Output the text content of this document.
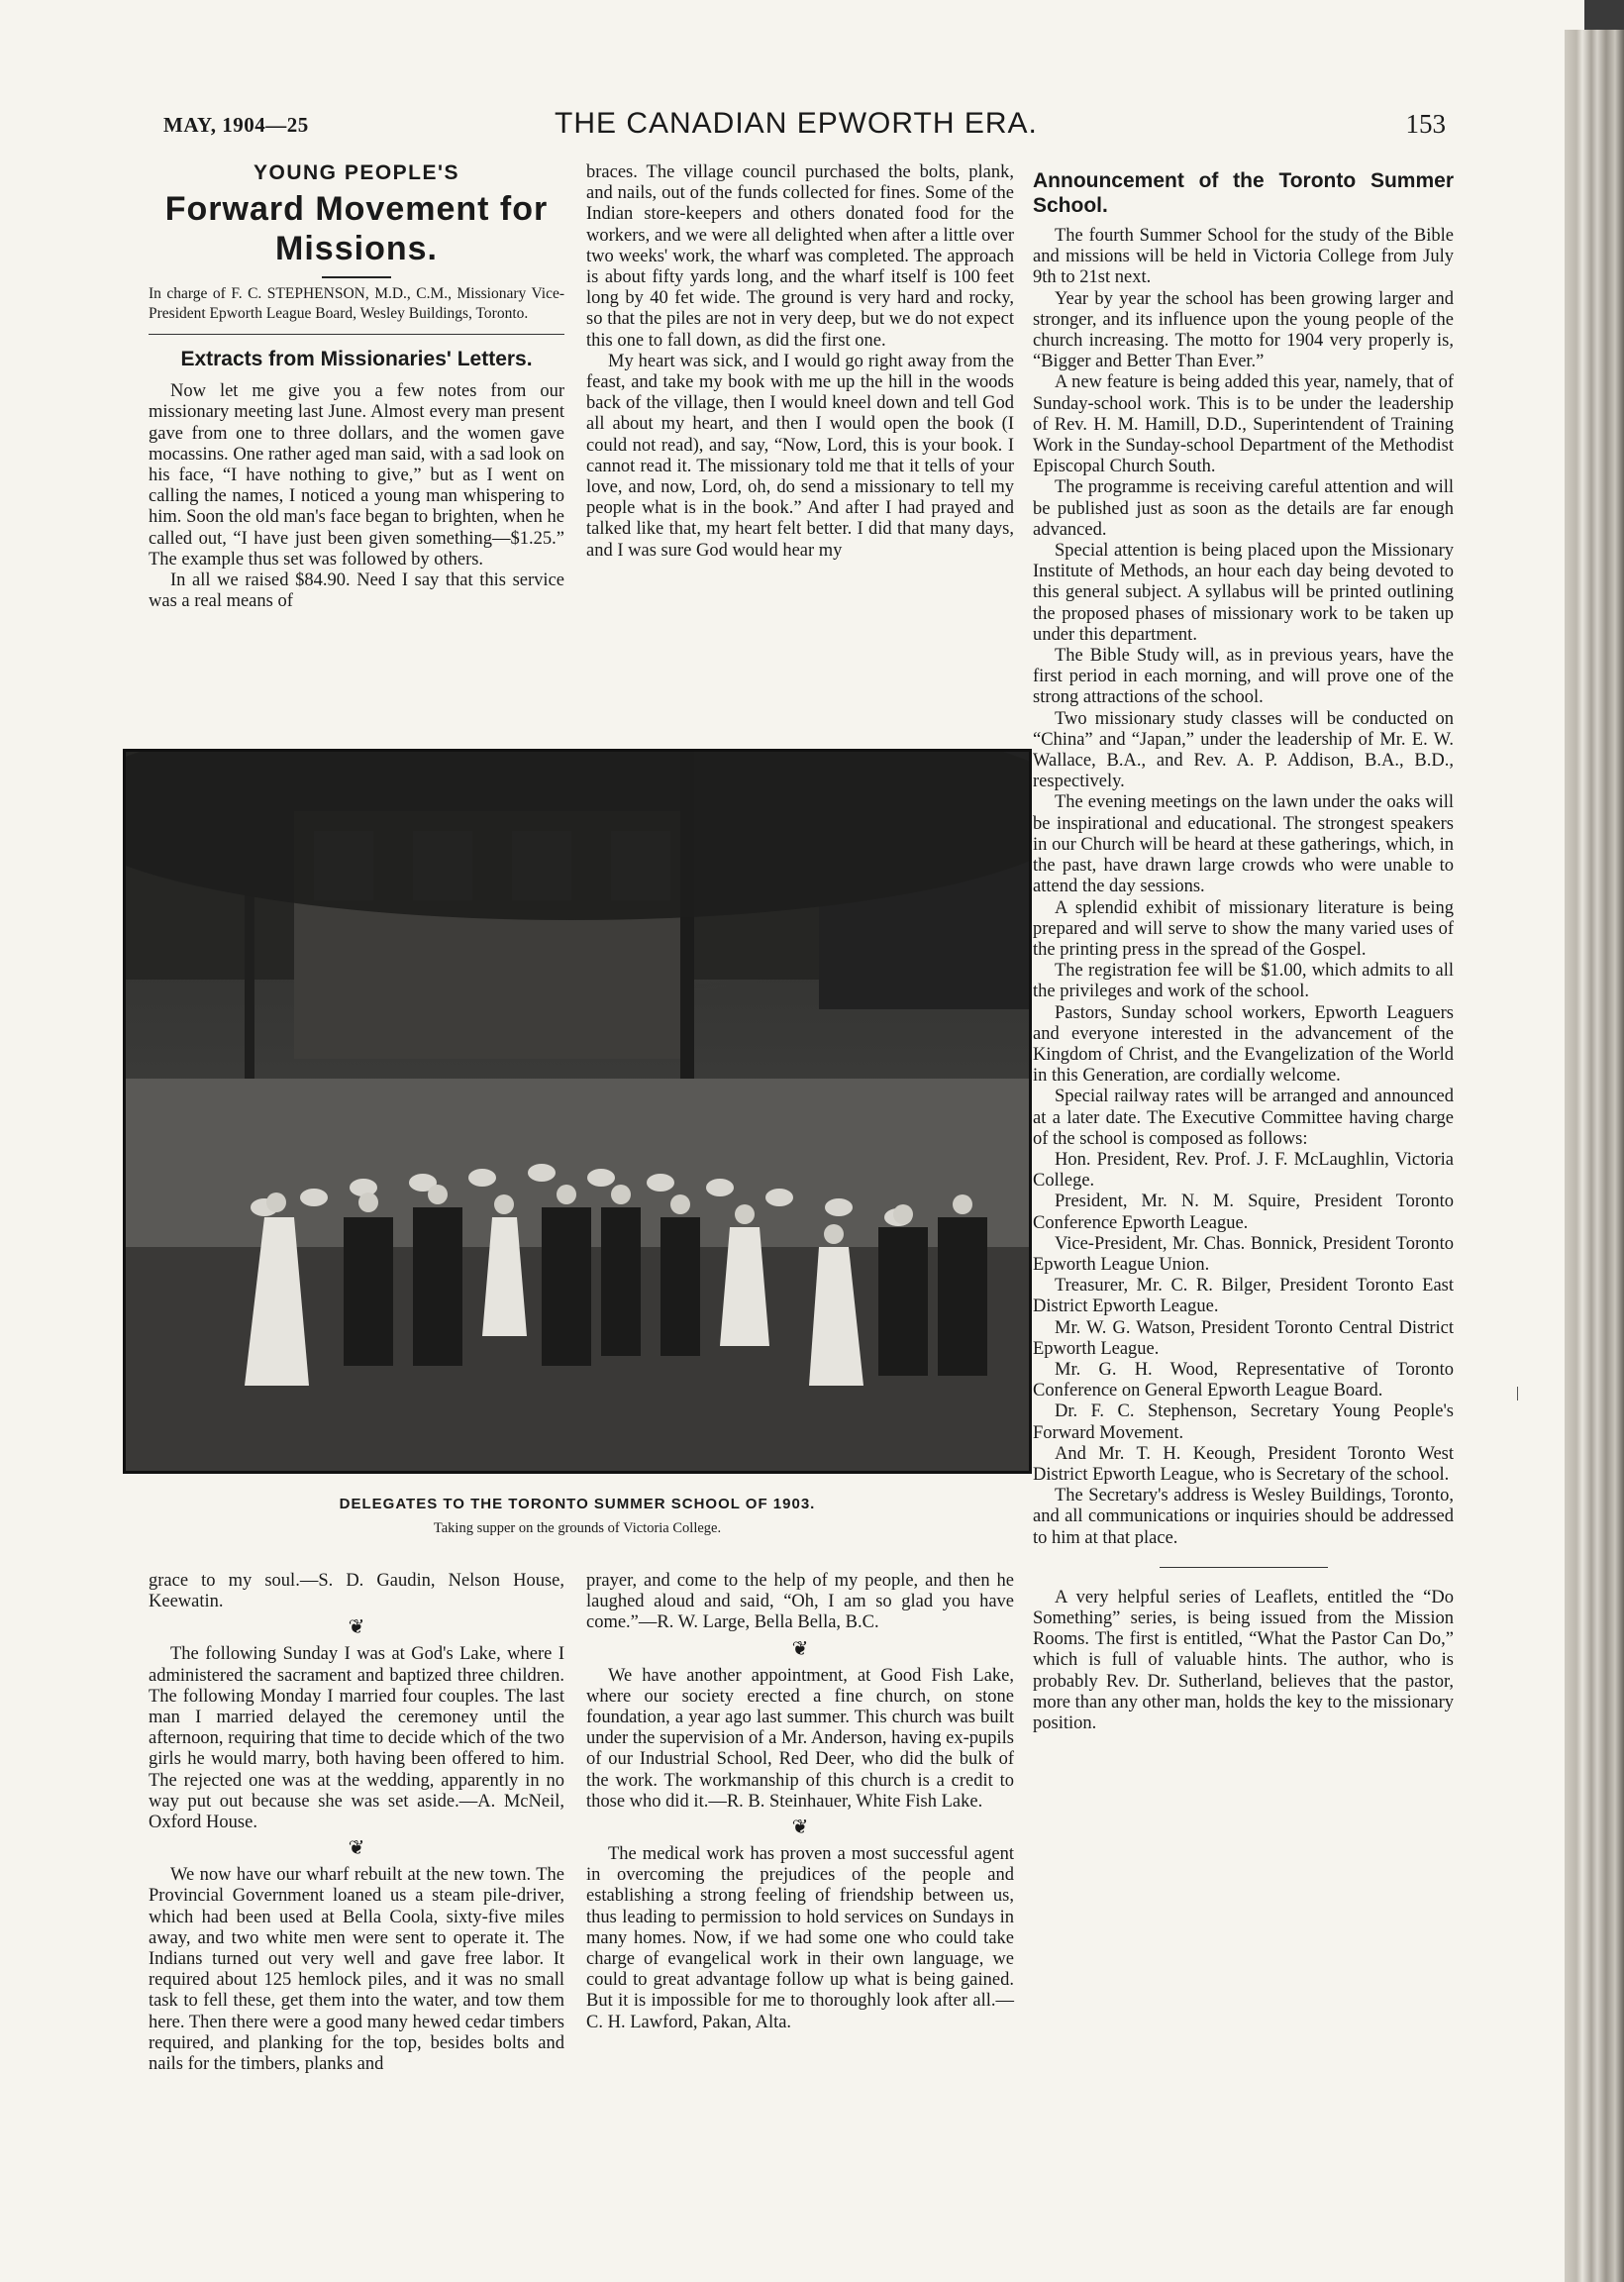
MAY, 1904—25	THE CANADIAN EPWORTH ERA.	153
YOUNG PEOPLE'S
Forward Movement for Missions.
In charge of F. C. STEPHENSON, M.D., C.M., Missionary Vice-President Epworth League Board, Wesley Buildings, Toronto.
Extracts from Missionaries' Letters.

Now let me give you a few notes from our missionary meeting last June. Almost every man present gave from one to three dollars, and the women gave mocassins. One rather aged man said, with a sad look on his face, “I have nothing to give,” but as I went on calling the names, I noticed a young man whispering to him. Soon the old man's face began to brighten, when he called out, “I have just been given something—$1.25.” The example thus set was followed by others.

In all we raised $84.90. Need I say that this service was a real means of

braces. The village council purchased the bolts, plank, and nails, out of the funds collected for fines. Some of the Indian store-keepers and others donated food for the workers, and we were all delighted when after a little over two weeks' work, the wharf was completed. The approach is about fifty yards long, and the wharf itself is 100 feet long by 40 fet wide. The ground is very hard and rocky, so that the piles are not in very deep, but we do not expect this one to fall down, as did the first one.

My heart was sick, and I would go right away from the feast, and take my book with me up the hill in the woods back of the village, then I would kneel down and tell God all about my heart, and then I would open the book (I could not read), and say, “Now, Lord, this is your book. I cannot read it. The missionary told me that it tells of your love, and now, Lord, oh, do send a missionary to tell my people what is in the book.” And after I had prayed and talked like that, my heart felt better. I did that many days, and I was sure God would hear my

Announcement of the Toronto Summer School.

The fourth Summer School for the study of the Bible and missions will be held in Victoria College from July 9th to 21st next.

Year by year the school has been growing larger and stronger, and its influence upon the young people of the church increasing. The motto for 1904 very properly is, “Bigger and Better Than Ever.”

A new feature is being added this year, namely, that of Sunday-school work. This is to be under the leadership of Rev. H. M. Hamill, D.D., Superintendent of Training Work in the Sunday-school Department of the Methodist Episcopal Church South.

The programme is receiving careful attention and will be published just as soon as the details are far enough advanced.

Special attention is being placed upon the Missionary Institute of Methods, an hour each day being devoted to this general subject. A syllabus will be printed outlining the proposed phases of missionary work to be taken up under this department.

The Bible Study will, as in previous years, have the first period in each morning, and will prove one of the strong attractions of the school.

Two missionary study classes will be conducted on “China” and “Japan,” under the leadership of Mr. E. W. Wallace, B.A., and Rev. A. P. Addison, B.A., B.D., respectively.

The evening meetings on the lawn under the oaks will be inspirational and educational. The strongest speakers in our Church will be heard at these gatherings, which, in the past, have drawn large crowds who were unable to attend the day sessions.

A splendid exhibit of missionary literature is being prepared and will serve to show the many varied uses of the printing press in the spread of the Gospel.

The registration fee will be $1.00, which admits to all the privileges and work of the school.

Pastors, Sunday school workers, Epworth Leaguers and everyone interested in the advancement of the Kingdom of Christ, and the Evangelization of the World in this Generation, are cordially welcome.

Special railway rates will be arranged and announced at a later date. The Executive Committee having charge of the school is composed as follows:

Hon. President, Rev. Prof. J. F. McLaughlin, Victoria College.

President, Mr. N. M. Squire, President Toronto Conference Epworth League.

Vice-President, Mr. Chas. Bonnick, President Toronto Epworth League Union.

Treasurer, Mr. C. R. Bilger, President Toronto East District Epworth League.

Mr. W. G. Watson, President Toronto Central District Epworth League.

Mr. G. H. Wood, Representative of Toronto Conference on General Epworth League Board.

Dr. F. C. Stephenson, Secretary Young People's Forward Movement.

And Mr. T. H. Keough, President Toronto West District Epworth League, who is Secretary of the school.

The Secretary's address is Wesley Buildings, Toronto, and all communications or inquiries should be addressed to him at that place.

A very helpful series of Leaflets, entitled the “Do Something” series, is being issued from the Mission Rooms. The first is entitled, “What the Pastor Can Do,” which is full of valuable hints. The author, who is probably Rev. Dr. Sutherland, believes that the pastor, more than any other man, holds the key to the missionary position.

DELEGATES TO THE TORONTO SUMMER SCHOOL OF 1903.
Taking supper on the grounds of Victoria College.

grace to my soul.—S. D. Gaudin, Nelson House, Keewatin.

❦

The following Sunday I was at God's Lake, where I administered the sacrament and baptized three children. The following Monday I married four couples. The last man I married delayed the ceremoney until the afternoon, requiring that time to decide which of the two girls he would marry, both having been offered to him. The rejected one was at the wedding, apparently in no way put out because she was set aside.—A. McNeil, Oxford House.

❦

We now have our wharf rebuilt at the new town. The Provincial Government loaned us a steam pile-driver, which had been used at Bella Coola, sixty-five miles away, and two white men were sent to operate it. The Indians turned out very well and gave free labor. It required about 125 hemlock piles, and it was no small task to fell these, get them into the water, and tow them here. Then there were a good many hewed cedar timbers required, and planking for the top, besides bolts and nails for the timbers, planks and

prayer, and come to the help of my people, and then he laughed aloud and said, “Oh, I am so glad you have come.”—R. W. Large, Bella Bella, B.C.

❦

We have another appointment, at Good Fish Lake, where our society erected a fine church, on stone foundation, a year ago last summer. This church was built under the supervision of a Mr. Anderson, having ex-pupils of our Industrial School, Red Deer, who did the bulk of the work. The workmanship of this church is a credit to those who did it.—R. B. Steinhauer, White Fish Lake.

❦

The medical work has proven a most successful agent in overcoming the prejudices of the people and establishing a strong feeling of friendship between us, thus leading to permission to hold services on Sundays in many homes. Now, if we had some one who could take charge of evangelical work in their own language, we could to great advantage follow up what is being gained. But it is impossible for me to thoroughly look after all.—C. H. Lawford, Pakan, Alta.
